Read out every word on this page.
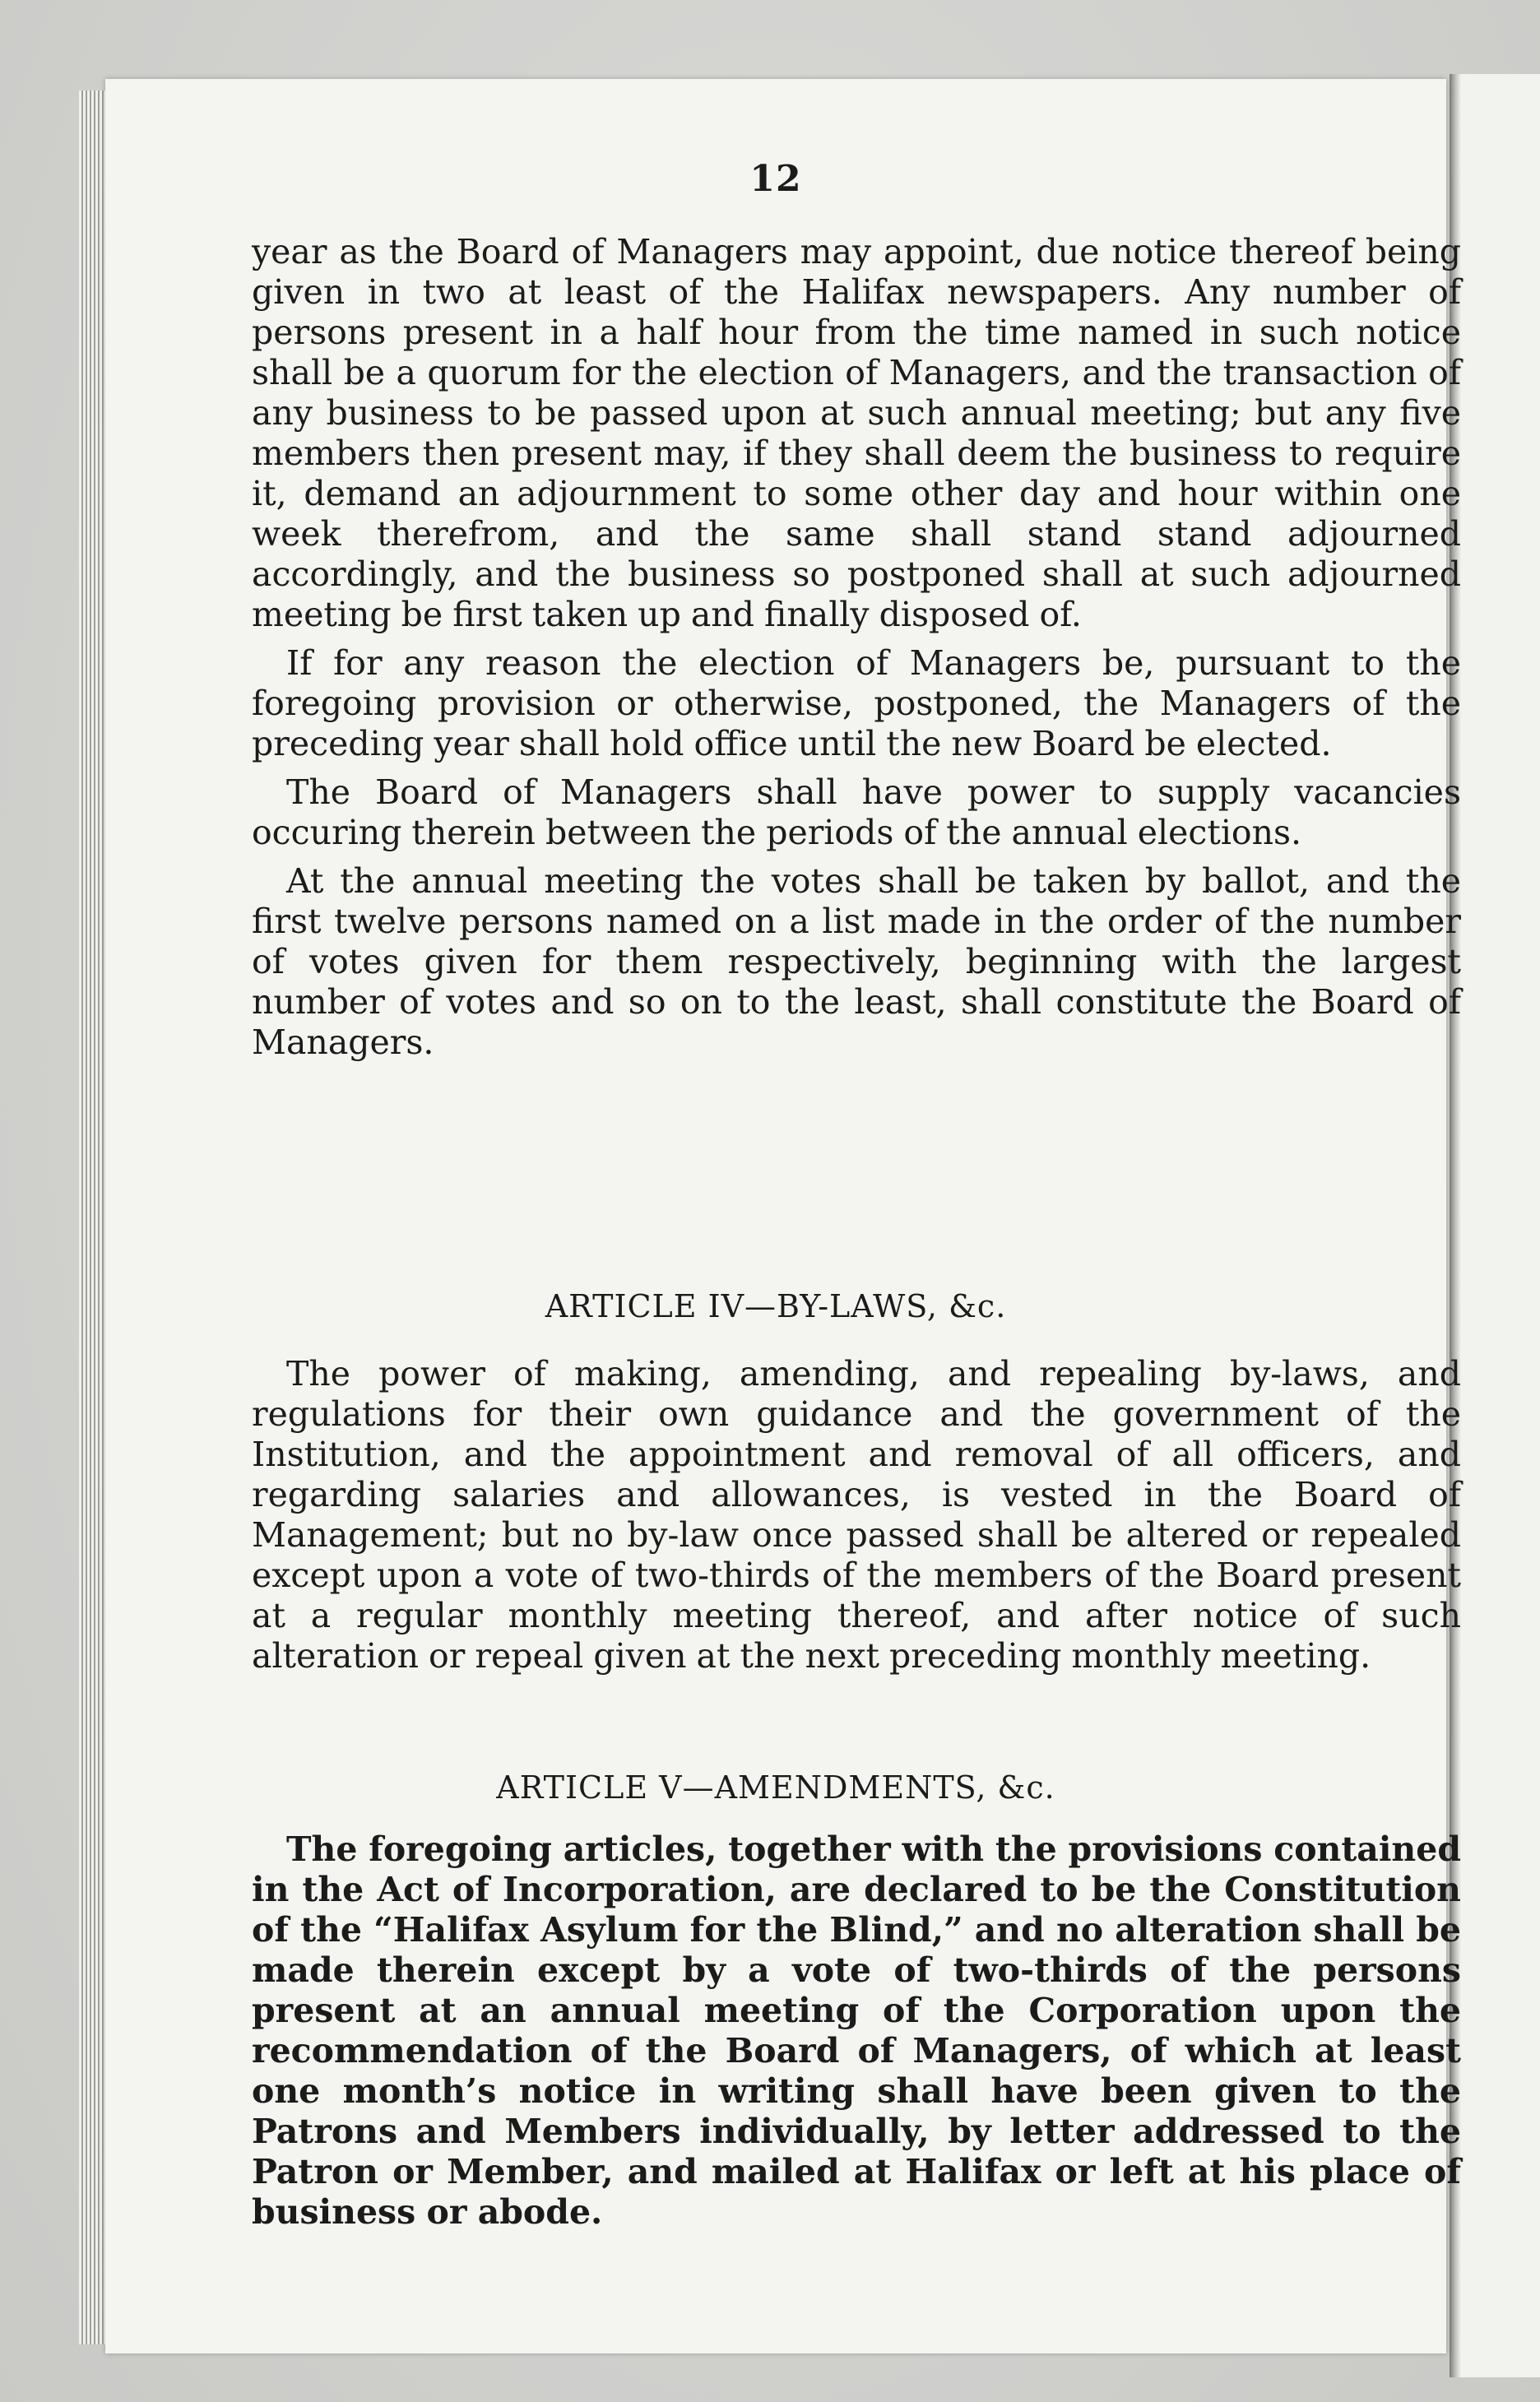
12

year as the Board of Managers may appoint, due notice thereof being given in two at least of the Halifax newspapers. Any number of persons present in a half hour from the time named in such notice shall be a quorum for the election of Managers, and the transaction of any business to be passed upon at such annual meeting; but any five members then present may, if they shall deem the business to require it, demand an adjournment to some other day and hour within one week therefrom, and the same shall stand stand adjourned accordingly, and the business so postponed shall at such adjourned meeting be first taken up and finally disposed of.

If for any reason the election of Managers be, pursuant to the foregoing provision or otherwise, postponed, the Managers of the preceding year shall hold office until the new Board be elected.

The Board of Managers shall have power to supply vacancies occuring therein between the periods of the annual elections.

At the annual meeting the votes shall be taken by ballot, and the first twelve persons named on a list made in the order of the number of votes given for them respectively, beginning with the largest number of votes and so on to the least, shall constitute the Board of Managers.

ARTICLE IV—BY-LAWS, &c.

The power of making, amending, and repealing by-laws, and regulations for their own guidance and the government of the Institution, and the appointment and removal of all officers, and regarding salaries and allowances, is vested in the Board of Management; but no by-law once passed shall be altered or repealed except upon a vote of two-thirds of the members of the Board present at a regular monthly meeting thereof, and after notice of such alteration or repeal given at the next preceding monthly meeting.

ARTICLE V—AMENDMENTS, &c.

The foregoing articles, together with the provisions contained in the Act of Incorporation, are declared to be the Constitution of the “Halifax Asylum for the Blind,” and no alteration shall be made therein except by a vote of two-thirds of the persons present at an annual meeting of the Corporation upon the recommendation of the Board of Managers, of which at least one month’s notice in writing shall have been given to the Patrons and Members individually, by letter addressed to the Patron or Member, and mailed at Halifax or left at his place of business or abode.
